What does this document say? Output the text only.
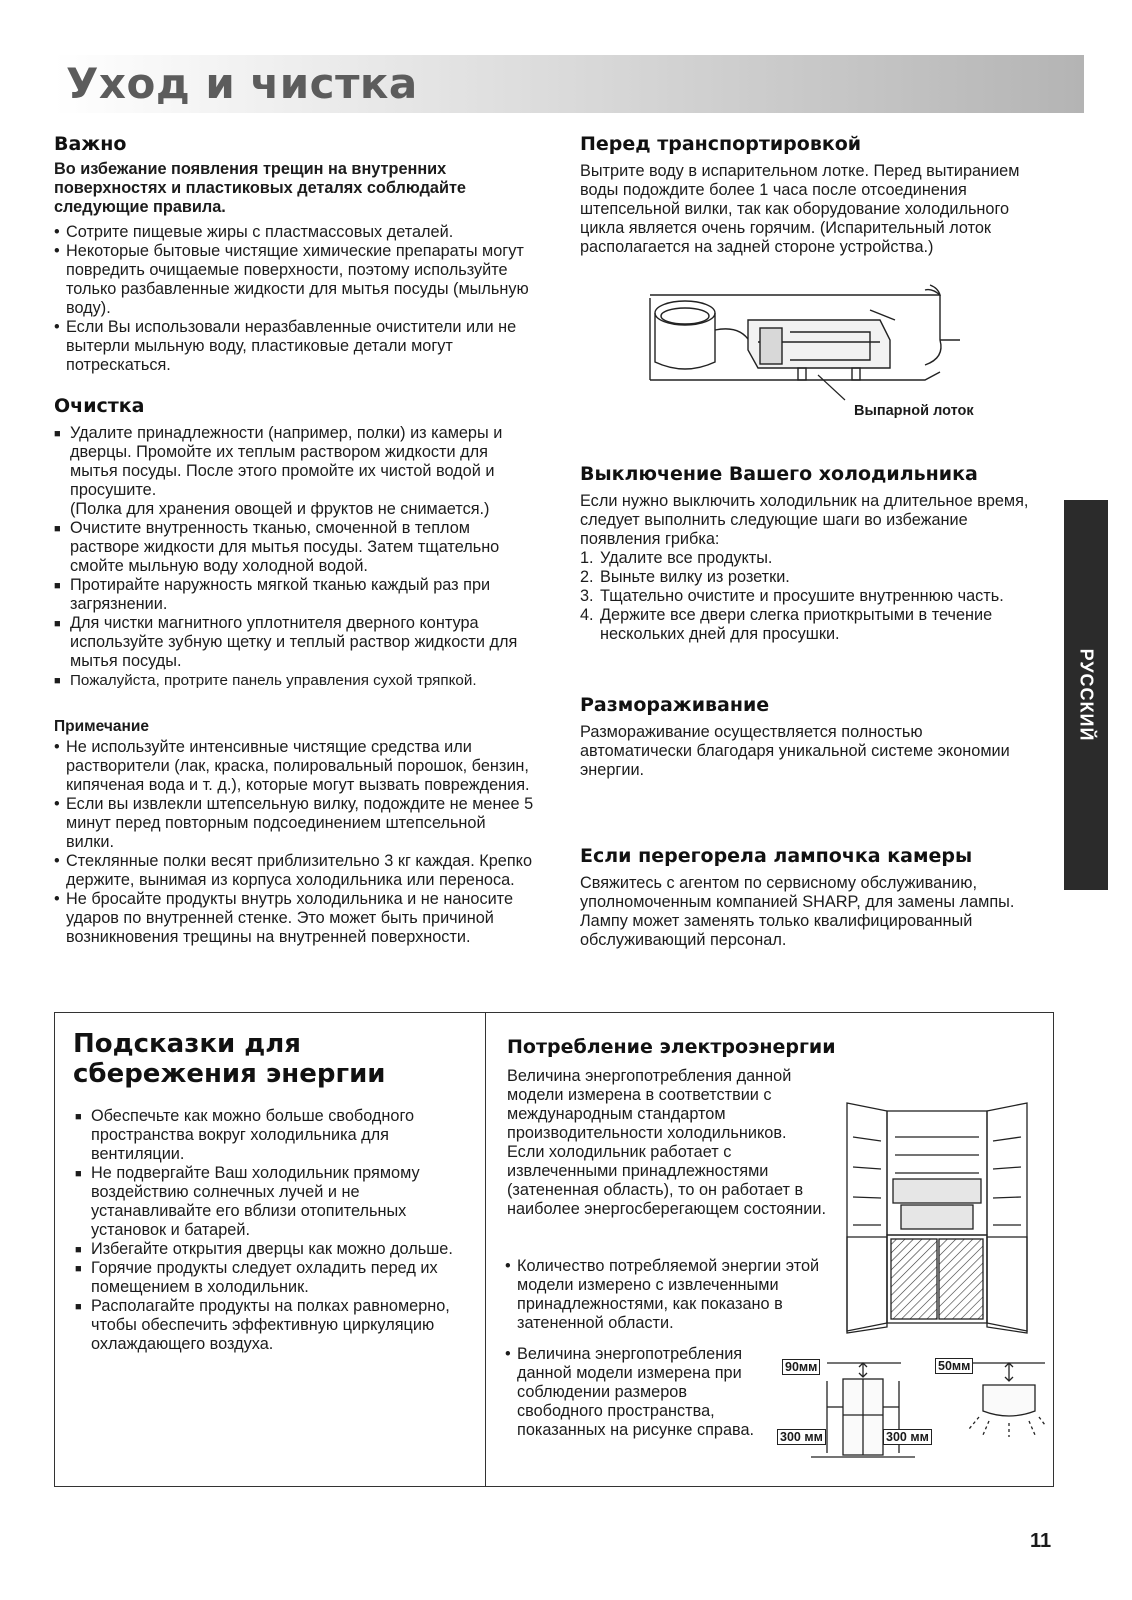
Уход и чистка
Важно

Во избежание появления трещин на внутренних поверхностях и пластиковых деталях соблюдайте следующие правила.

• Сотрите пищевые жиры с пластмассовых деталей.
• Некоторые бытовые чистящие химические препараты могут повредить очищаемые поверхности, поэтому используйте только разбавленные жидкости для мытья посуды (мыльную воду).
• Если Вы использовали неразбавленные очистители или не вытерли мыльную воду, пластиковые детали могут потрескаться.
Очистка
■ Удалите принадлежности (например, полки) из камеры и дверцы. Промойте их теплым раствором жидкости для мытья посуды. После этого промойте их чистой водой и просушите.
(Полка для хранения овощей и фруктов не снимается.)
■ Очистите внутренность тканью, смоченной в теплом растворе жидкости для мытья посуды. Затем тщательно смойте мыльную воду холодной водой.
■ Протирайте наружность мягкой тканью каждый раз при загрязнении.
■ Для чистки магнитного уплотнителя дверного контура используйте зубную щетку и теплый раствор жидкости для мытья посуды.
■ Пожалуйста, протрите панель управления сухой тряпкой.
Примечание
• Не используйте интенсивные чистящие средства или растворители (лак, краска, полировальный порошок, бензин, кипяченая вода и т. д.), которые могут вызвать повреждения.
• Если вы извлекли штепсельную вилку, подождите не менее 5 минут перед повторным подсоединением штепсельной вилки.
• Стеклянные полки весят приблизительно 3 кг каждая. Крепко держите, вынимая из корпуса холодильника или переноса.
• Не бросайте продукты внутрь холодильника и не наносите ударов по внутренней стенке. Это может быть причиной возникновения трещины на внутренней поверхности.
Перед транспортировкой

Вытрите воду в испарительном лотке. Перед вытиранием воды подождите более 1 часа после отсоединения штепсельной вилки, так как оборудование холодильного цикла является очень горячим. (Испарительный лоток располагается на задней стороне устройства.)

Выпарной лоток
Выключение Вашего холодильника

Если нужно выключить холодильник на длительное время, следует выполнить следующие шаги во избежание появления грибка:

1. Удалите все продукты.
2. Выньте вилку из розетки.
3. Тщательно очистите и просушите внутреннюю часть.
4. Держите все двери слегка приоткрытыми в течение нескольких дней для просушки.
Размораживание

Размораживание осуществляется полностью автоматически благодаря уникальной системе экономии энергии.

Если перегорела лампочка камеры

Свяжитесь с агентом по сервисному обслуживанию, уполномоченным компанией SHARP, для замены лампы. Лампу может заменять только квалифицированный обслуживающий персонал.

РУССКИЙ
Подсказки для сбережения энергии
■ Обеспечьте как можно больше свободного пространства вокруг холодильника для вентиляции.
■ Не подвергайте Ваш холодильник прямому воздействию солнечных лучей и не устанавливайте его вблизи отопительных установок и батарей.
■ Избегайте открытия дверцы как можно дольше.
■ Горячие продукты следует охладить перед их помещением в холодильник.
■ Располагайте продукты на полках равномерно, чтобы обеспечить эффективную циркуляцию охлаждающего воздуха.
Потребление электроэнергии

Величина энергопотребления данной модели измерена в соответствии с международным стандартом производительности холодильников. Если холодильник работает с извлеченными принадлежностями (затененная область), то он работает в наиболее энергосберегающем состоянии.

• Количество потребляемой энергии этой модели измерено с извлеченными принадлежностями, как показано в затененной области.
• Величина энергопотребления данной модели измерена при соблюдении размеров свободного пространства, показанных на рисунке справа.
90мм
300 мм	300 мм
50мм
11
